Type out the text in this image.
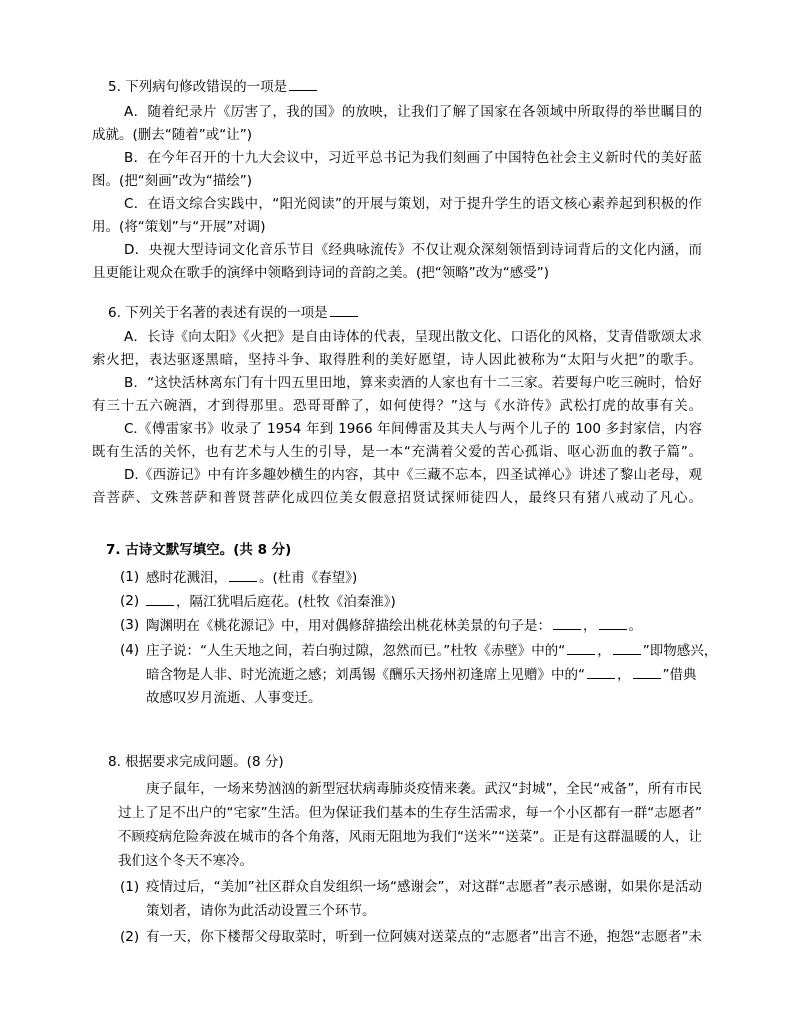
5. 下列病句修改错误的一项是
A．随着纪录片《厉害了，我的国》的放映，让我们了解了国家在各领域中所取得的举世瞩目的
成就。(删去“随着”或“让”)
B．在今年召开的十九大会议中，习近平总书记为我们刻画了中国特色社会主义新时代的美好蓝
图。(把“刻画”改为“描绘”)
C．在语文综合实践中，“阳光阅读”的开展与策划，对于提升学生的语文核心素养起到积极的作
用。(将“策划”与“开展”对调)
D．央视大型诗词文化音乐节目《经典咏流传》不仅让观众深刻领悟到诗词背后的文化内涵，而
且更能让观众在歌手的演绎中领略到诗词的音韵之美。(把“领略”改为“感受”)
6. 下列关于名著的表述有误的一项是
A．长诗《向太阳》《火把》是自由诗体的代表，呈现出散文化、口语化的风格，艾青借歌颂太求
索火把，表达驱逐黑暗，坚持斗争、取得胜利的美好愿望，诗人因此被称为“太阳与火把”的歌手。
B．“这快活林离东门有十四五里田地，算来卖酒的人家也有十二三家。若要每户吃三碗时，恰好
有三十五六碗酒，才到得那里。恐哥哥醉了，如何使得？”这与《水浒传》武松打虎的故事有关。
C.《傅雷家书》收录了 1954 年到 1966 年间傅雷及其夫人与两个儿子的 100 多封家信，内容
既有生活的关怀，也有艺术与人生的引导，是一本“充满着父爱的苦心孤诣、呕心沥血的教子篇”。
D.《西游记》中有许多趣妙横生的内容，其中《三藏不忘本，四圣试禅心》讲述了黎山老母，观
音菩萨、文殊菩萨和普贤菩萨化成四位美女假意招贤试探师徒四人，最终只有猪八戒动了凡心。
7. 古诗文默写填空。(共 8 分)
(1) 感时花溅泪， 。(杜甫《春望》)
(2)	，隔江犹唱后庭花。(杜牧《泊秦淮》)
(3) 陶渊明在《桃花源记》中，用对偶修辞描绘出桃花林美景的句子是： ， 。
(4) 庄子说：“人生天地之间，若白驹过隙，忽然而已。”杜牧《赤壁》中的“ ， ”即物感兴，
暗含物是人非、时光流逝之感；刘禹锡《酬乐天扬州初逢席上见赠》中的“ ， ”借典
故感叹岁月流逝、人事变迁。
8. 根据要求完成问题。(8 分)
庚子鼠年，一场来势汹汹的新型冠状病毒肺炎疫情来袭。武汉“封城”，全民“戒备”，所有市民
过上了足不出户的“宅家”生活。但为保证我们基本的生存生活需求，每一个小区都有一群“志愿者”
不顾疫病危险奔波在城市的各个角落，风雨无阻地为我们“送米”“送菜”。正是有这群温暖的人，让
我们这个冬天不寒冷。
(1) 疫情过后，“美加”社区群众自发组织一场“感谢会”，对这群“志愿者”表示感谢，如果你是活动
策划者，请你为此活动设置三个环节。
(2) 有一天，你下楼帮父母取菜时，听到一位阿姨对送菜点的“志愿者”出言不逊，抱怨“志愿者”未
